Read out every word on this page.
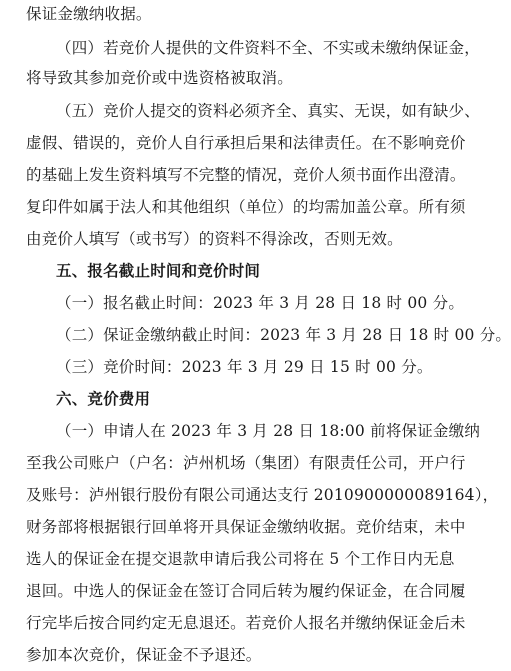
保证金缴纳收据。
（四）若竞价人提供的文件资料不全、不实或未缴纳保证金，
将导致其参加竞价或中选资格被取消。
（五）竞价人提交的资料必须齐全、真实、无误，如有缺少、
虚假、错误的，竞价人自行承担后果和法律责任。在不影响竞价
的基础上发生资料填写不完整的情况，竞价人须书面作出澄清。
复印件如属于法人和其他组织（单位）的均需加盖公章。所有须
由竞价人填写（或书写）的资料不得涂改，否则无效。
五、报名截止时间和竞价时间
（一）报名截止时间：2023 年 3 月 28 日 18 时 00 分。
（二）保证金缴纳截止时间：2023 年 3 月 28 日 18 时 00 分。
（三）竞价时间：2023 年 3 月 29 日 15 时 00 分。
六、竞价费用
（一）申请人在 2023 年 3 月 28 日 18:00 前将保证金缴纳
至我公司账户（户名：泸州机场（集团）有限责任公司，开户行
及账号：泸州银行股份有限公司通达支行 2010900000089164），
财务部将根据银行回单将开具保证金缴纳收据。竞价结束，未中
选人的保证金在提交退款申请后我公司将在 5 个工作日内无息
退回。中选人的保证金在签订合同后转为履约保证金，在合同履
行完毕后按合同约定无息退还。若竞价人报名并缴纳保证金后未
参加本次竞价，保证金不予退还。
